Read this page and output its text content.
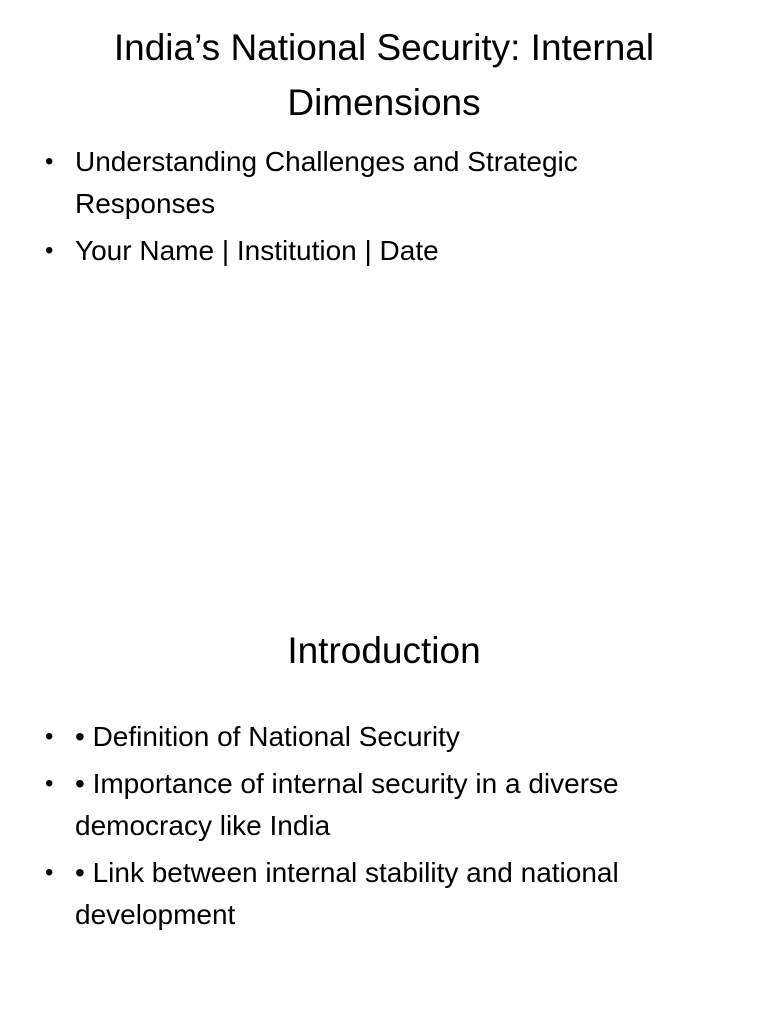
India’s National Security: Internal Dimensions
• Understanding Challenges and Strategic Responses
• Your Name | Institution | Date
Introduction
• • Definition of National Security
• • Importance of internal security in a diverse democracy like India
• • Link between internal stability and national development
